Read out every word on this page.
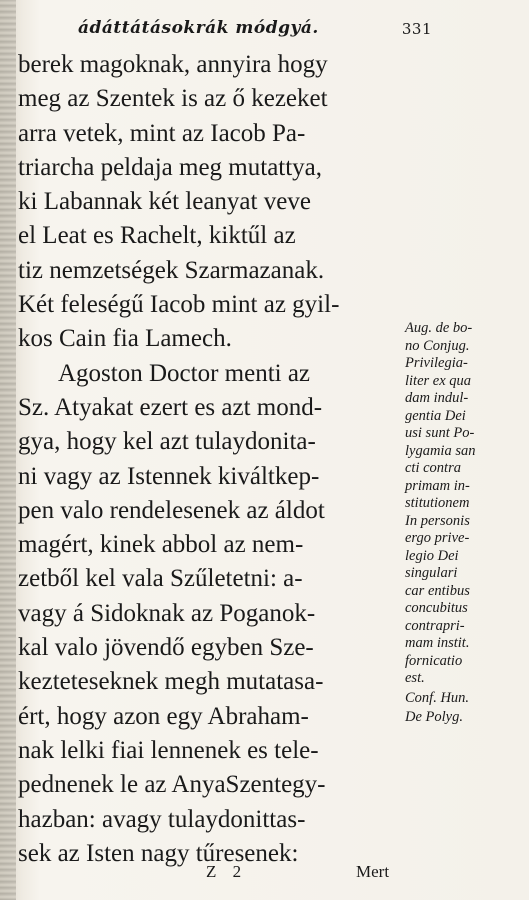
ádáttátásokrák módgyá.	331
berek magoknak, annyira hogy
meg az Szentek is az ő kezeket
arra vetek, mint az Iacob Pa-
triarcha peldaja meg mutattya,
ki Labannak két leanyat veve
el Leat es Rachelt, kiktűl az
tiz nemzetségek Szarmazanak.
Két feleségű Iacob mint az gyil-
kos Cain fia Lamech.
Agoston Doctor menti az
Sz. Atyakat ezert es azt mond-
gya, hogy kel azt tulaydonita-
ni vagy az Istennek kiváltkep-
pen valo rendelesenek az áldot
magért, kinek abbol az nem-
zetből kel vala Szűletetni: a-
vagy á Sidoknak az Poganok-
kal valo jövendő egyben Sze-
kezteteseknek megh mutatasa-
ért, hogy azon egy Abraham-
nak lelki fiai lennenek es tele-
pednenek le az AnyaSzentegy-
hazban: avagy tulaydonittas-
sek az Isten nagy tűresenek:
Aug. de bo-
no Conjug.
Privilegia-
liter ex qua
dam indul-
gentia Dei
usi sunt Po-
lygamia san
cti contra
primam in-
stitutionem
In personis
ergo prive-
legio Dei
singulari
car entibus
concubitus
contrapri-
mam instit.
fornicatio
est.
Conf. Hun.
De Polyg.
Z 2	Mert
